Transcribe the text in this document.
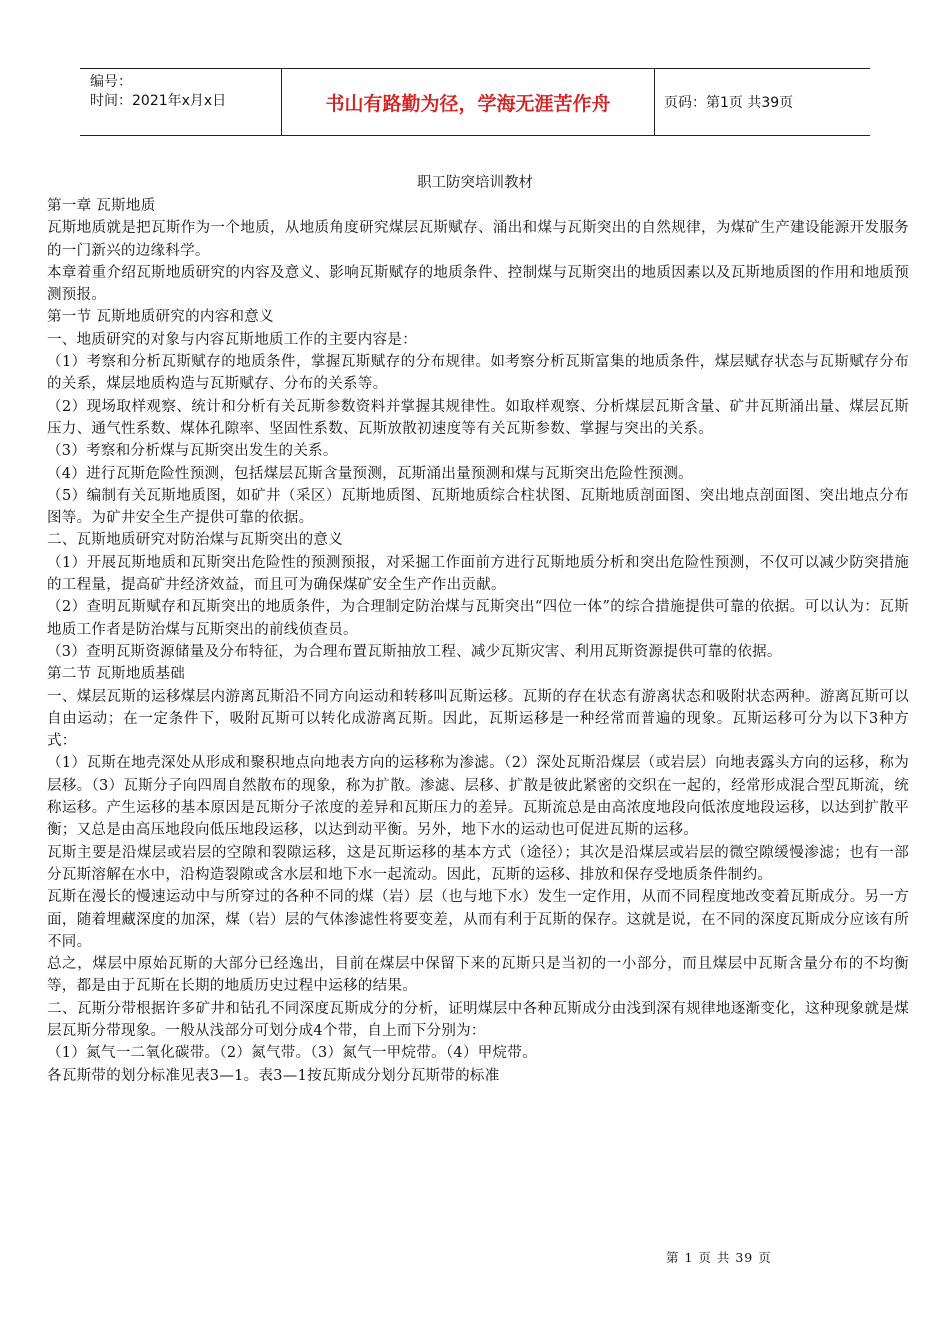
编号：
时间：2021年x月x日	书山有路勤为径，学海无涯苦作舟	页码：第1页 共39页
职工防突培训教材

第一章 瓦斯地质

瓦斯地质就是把瓦斯作为一个地质，从地质角度研究煤层瓦斯赋存、涌出和煤与瓦斯突出的自然规律，为煤矿生产建设能源开发服务的一门新兴的边缘科学。

本章着重介绍瓦斯地质研究的内容及意义、影响瓦斯赋存的地质条件、控制煤与瓦斯突出的地质因素以及瓦斯地质图的作用和地质预测预报。

第一节 瓦斯地质研究的内容和意义

一、地质研究的对象与内容瓦斯地质工作的主要内容是：

（1）考察和分析瓦斯赋存的地质条件，掌握瓦斯赋存的分布规律。如考察分析瓦斯富集的地质条件，煤层赋存状态与瓦斯赋存分布的关系，煤层地质构造与瓦斯赋存、分布的关系等。

（2）现场取样观察、统计和分析有关瓦斯参数资料并掌握其规律性。如取样观察、分析煤层瓦斯含量、矿井瓦斯涌出量、煤层瓦斯压力、通气性系数、煤体孔隙率、坚固性系数、瓦斯放散初速度等有关瓦斯参数、掌握与突出的关系。

（3）考察和分析煤与瓦斯突出发生的关系。

（4）进行瓦斯危险性预测，包括煤层瓦斯含量预测，瓦斯涌出量预测和煤与瓦斯突出危险性预测。

（5）编制有关瓦斯地质图，如矿井（采区）瓦斯地质图、瓦斯地质综合柱状图、瓦斯地质剖面图、突出地点剖面图、突出地点分布图等。为矿井安全生产提供可靠的依据。

二、瓦斯地质研究对防治煤与瓦斯突出的意义

（1）开展瓦斯地质和瓦斯突出危险性的预测预报，对采掘工作面前方进行瓦斯地质分析和突出危险性预测，不仅可以减少防突措施的工程量，提高矿井经济效益，而且可为确保煤矿安全生产作出贡献。

（2）查明瓦斯赋存和瓦斯突出的地质条件，为合理制定防治煤与瓦斯突出“四位一体”的综合措施提供可靠的依据。可以认为：瓦斯地质工作者是防治煤与瓦斯突出的前线侦查员。

（3）查明瓦斯资源储量及分布特征，为合理布置瓦斯抽放工程、减少瓦斯灾害、利用瓦斯资源提供可靠的依据。

第二节 瓦斯地质基础

一、煤层瓦斯的运移煤层内游离瓦斯沿不同方向运动和转移叫瓦斯运移。瓦斯的存在状态有游离状态和吸附状态两种。游离瓦斯可以自由运动；在一定条件下，吸附瓦斯可以转化成游离瓦斯。因此，瓦斯运移是一种经常而普遍的现象。瓦斯运移可分为以下3种方式：

（1）瓦斯在地壳深处从形成和聚积地点向地表方向的运移称为渗滤。（2）深处瓦斯沿煤层（或岩层）向地表露头方向的运移，称为层移。（3）瓦斯分子向四周自然散布的现象，称为扩散。渗滤、层移、扩散是彼此紧密的交织在一起的，经常形成混合型瓦斯流，统称运移。产生运移的基本原因是瓦斯分子浓度的差异和瓦斯压力的差异。瓦斯流总是由高浓度地段向低浓度地段运移，以达到扩散平衡；又总是由高压地段向低压地段运移，以达到动平衡。另外，地下水的运动也可促进瓦斯的运移。

瓦斯主要是沿煤层或岩层的空隙和裂隙运移，这是瓦斯运移的基本方式（途径）；其次是沿煤层或岩层的微空隙缓慢渗滤；也有一部分瓦斯溶解在水中，沿构造裂隙或含水层和地下水一起流动。因此，瓦斯的运移、排放和保存受地质条件制约。

瓦斯在漫长的慢速运动中与所穿过的各种不同的煤（岩）层（也与地下水）发生一定作用，从而不同程度地改变着瓦斯成分。另一方面，随着埋藏深度的加深，煤（岩）层的气体渗滤性将要变差，从而有利于瓦斯的保存。这就是说，在不同的深度瓦斯成分应该有所不同。

总之，煤层中原始瓦斯的大部分已经逸出，目前在煤层中保留下来的瓦斯只是当初的一小部分，而且煤层中瓦斯含量分布的不均衡等，都是由于瓦斯在长期的地质历史过程中运移的结果。

二、瓦斯分带根据许多矿井和钻孔不同深度瓦斯成分的分析，证明煤层中各种瓦斯成分由浅到深有规律地逐渐变化，这种现象就是煤层瓦斯分带现象。一般从浅部分可划分成4个带，自上而下分别为：

（1）氮气一二氧化碳带。（2）氮气带。（3）氮气一甲烷带。（4）甲烷带。

各瓦斯带的划分标准见表3—1。表3—1按瓦斯成分划分瓦斯带的标准

第 1 页 共 39 页
